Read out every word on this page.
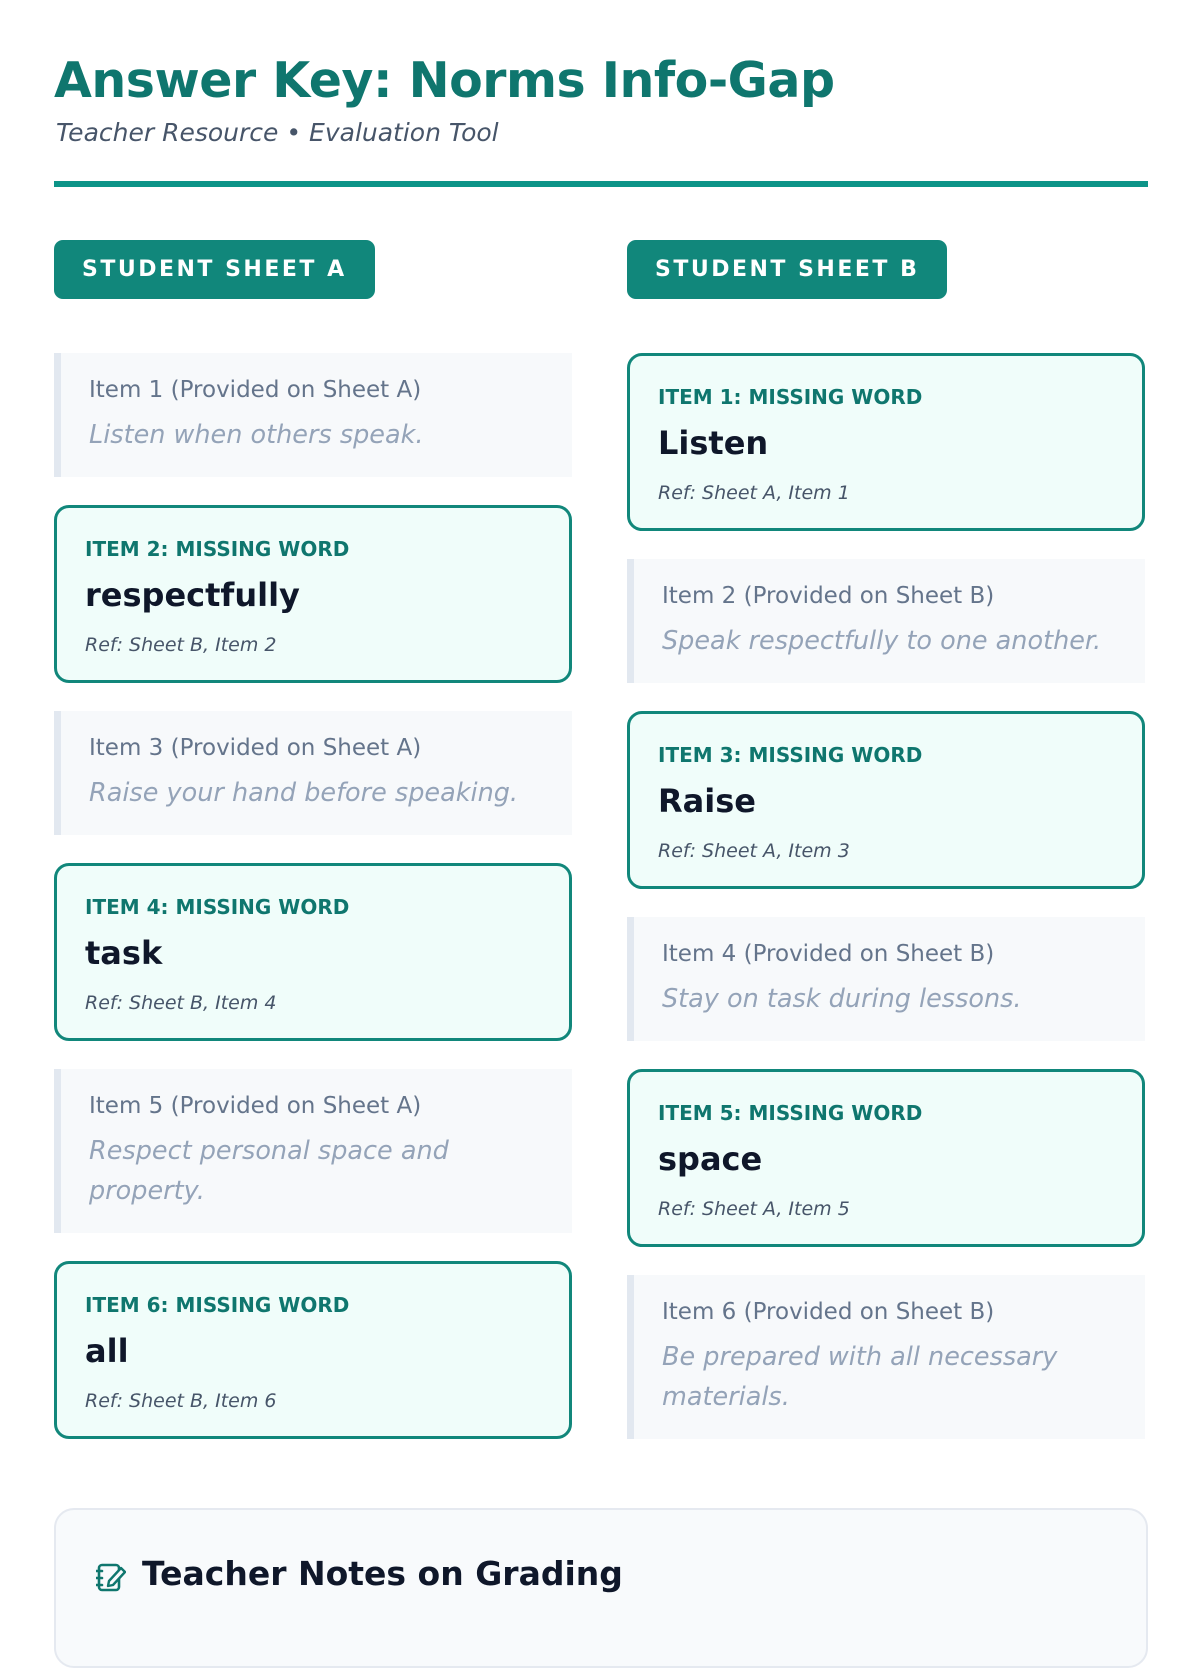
Answer Key: Norms Info-Gap
Teacher Resource • Evaluation Tool
STUDENT SHEET A
Item 1 (Provided on Sheet A)
Listen when others speak.
ITEM 2: MISSING WORD
respectfully
Ref: Sheet B, Item 2
Item 3 (Provided on Sheet A)
Raise your hand before speaking.
ITEM 4: MISSING WORD
task
Ref: Sheet B, Item 4
Item 5 (Provided on Sheet A)
Respect personal space and property.
ITEM 6: MISSING WORD
all
Ref: Sheet B, Item 6
STUDENT SHEET B
ITEM 1: MISSING WORD
Listen
Ref: Sheet A, Item 1
Item 2 (Provided on Sheet B)
Speak respectfully to one another.
ITEM 3: MISSING WORD
Raise
Ref: Sheet A, Item 3
Item 4 (Provided on Sheet B)
Stay on task during lessons.
ITEM 5: MISSING WORD
space
Ref: Sheet A, Item 5
Item 6 (Provided on Sheet B)
Be prepared with all necessary materials.
Teacher Notes on Grading
